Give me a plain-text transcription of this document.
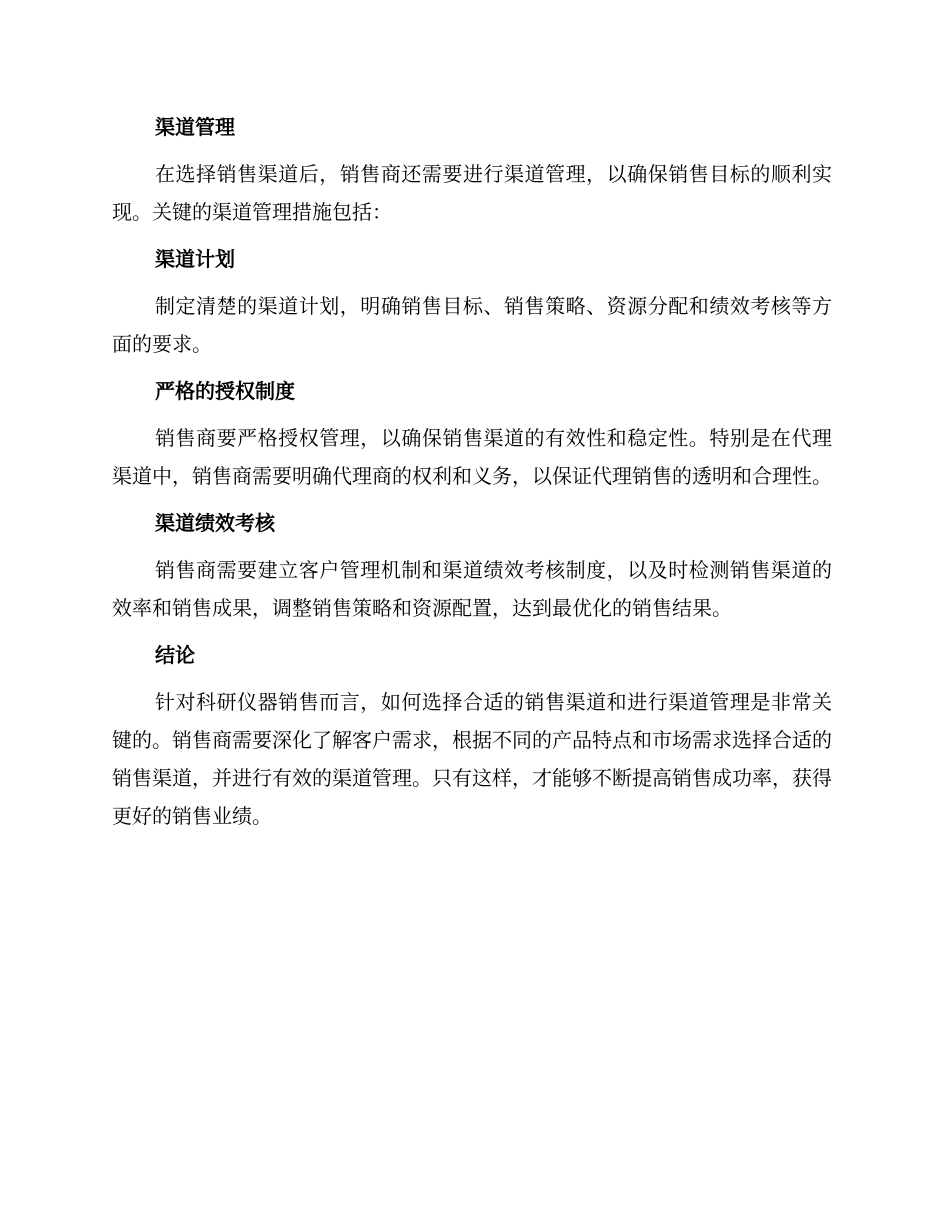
渠道管理

在选择销售渠道后，销售商还需要进行渠道管理，以确保销售目标的顺利实现。关键的渠道管理措施包括：

渠道计划

制定清楚的渠道计划，明确销售目标、销售策略、资源分配和绩效考核等方面的要求。

严格的授权制度

销售商要严格授权管理，以确保销售渠道的有效性和稳定性。特别是在代理渠道中，销售商需要明确代理商的权利和义务，以保证代理销售的透明和合理性。

渠道绩效考核

销售商需要建立客户管理机制和渠道绩效考核制度，以及时检测销售渠道的效率和销售成果，调整销售策略和资源配置，达到最优化的销售结果。

结论

针对科研仪器销售而言，如何选择合适的销售渠道和进行渠道管理是非常关键的。销售商需要深化了解客户需求，根据不同的产品特点和市场需求选择合适的销售渠道，并进行有效的渠道管理。只有这样，才能够不断提高销售成功率，获得更好的销售业绩。
